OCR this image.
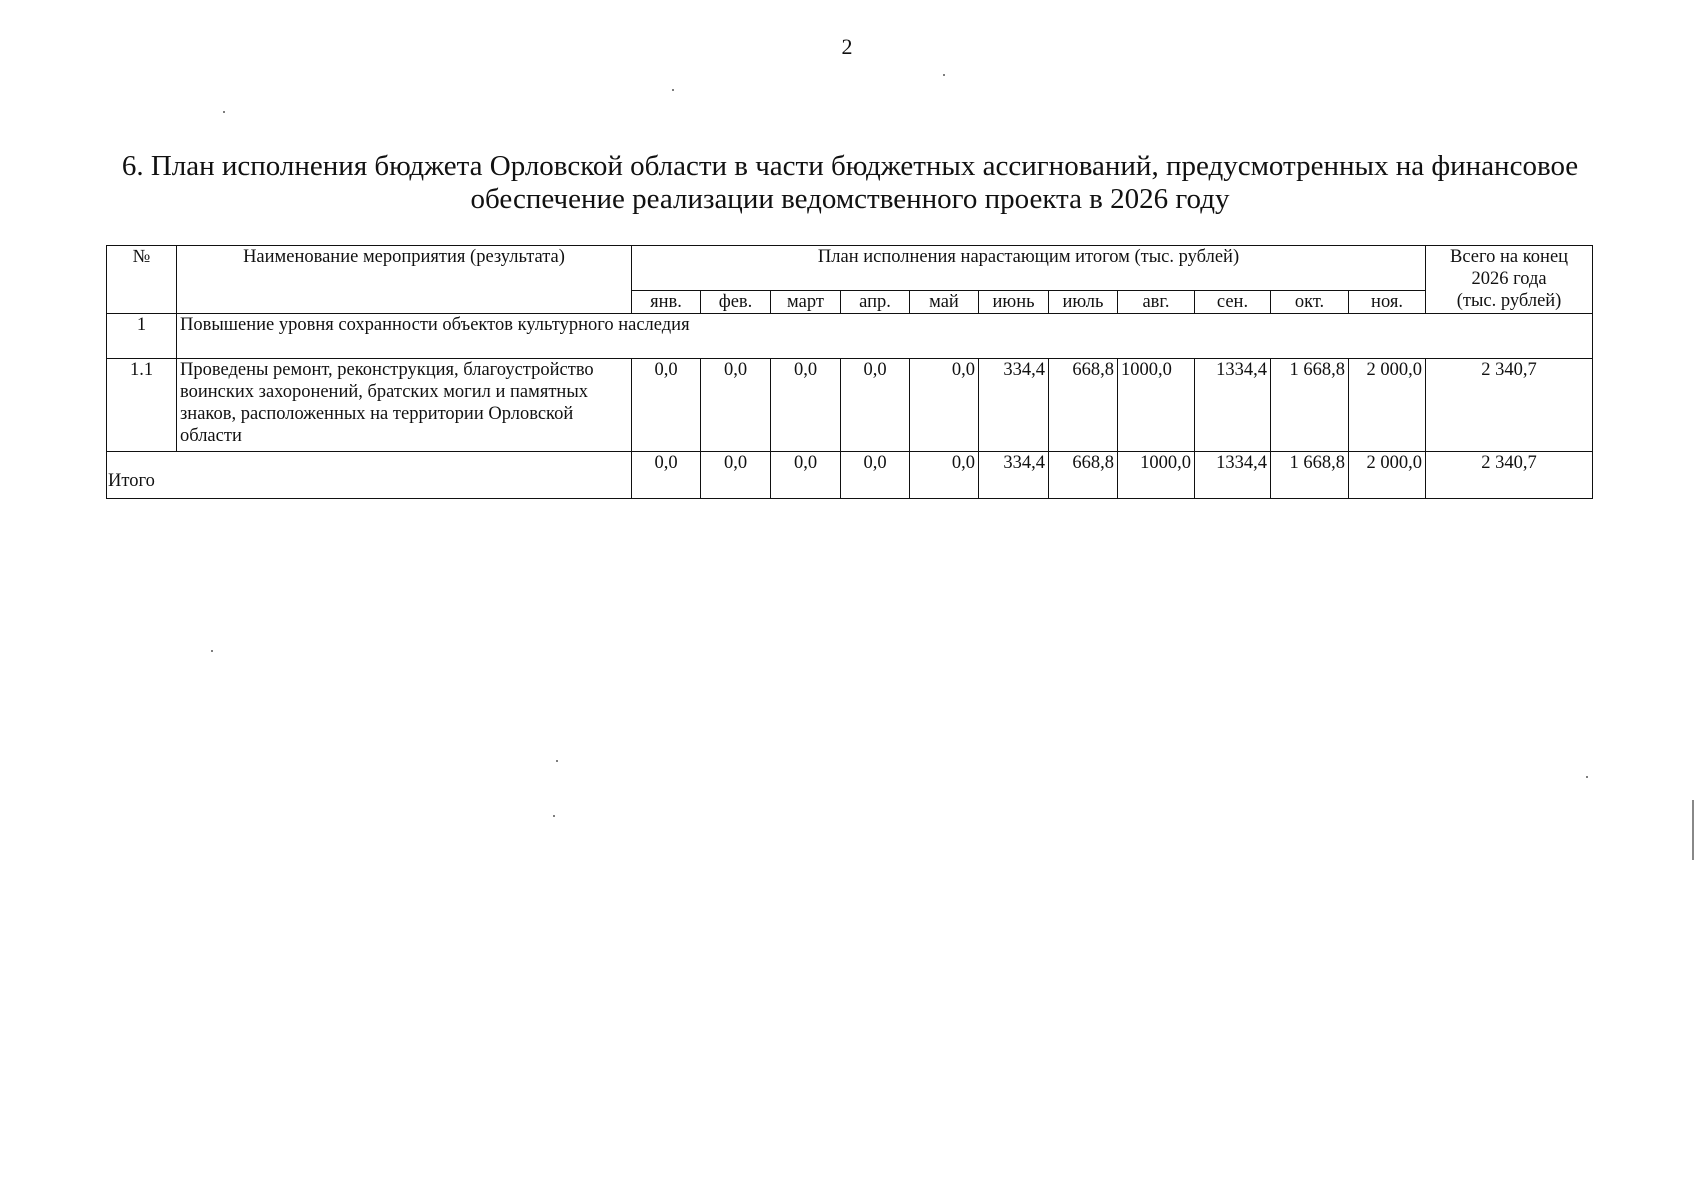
2
6. План исполнения бюджета Орловской области в части бюджетных ассигнований, предусмотренных на финансовое
обеспечение реализации ведомственного проекта в 2026 году
№	Наименование мероприятия (результата)	План исполнения нарастающим итогом (тыс. рублей)											Всего на конец
2026 года
(тыс. рублей)

		янв.	фев.	март	апр.	май	июнь	июль	авг.	сен.	окт.	ноя.	
1	Повышение уровня сохранности объектов культурного наследия												
1.1	Проведены ремонт, реконструкция, благоустройство
воинских захоронений, братских могил и памятных
знаков, расположенных на территории Орловской
области	0,0	0,0	0,0	0,0	0,0	334,4	668,8	1000,0	1334,4	1 668,8	2 000,0	2 340,7
Итого		0,0	0,0	0,0	0,0	0,0	334,4	668,8	1000,0	1334,4	1 668,8	2 000,0	2 340,7
